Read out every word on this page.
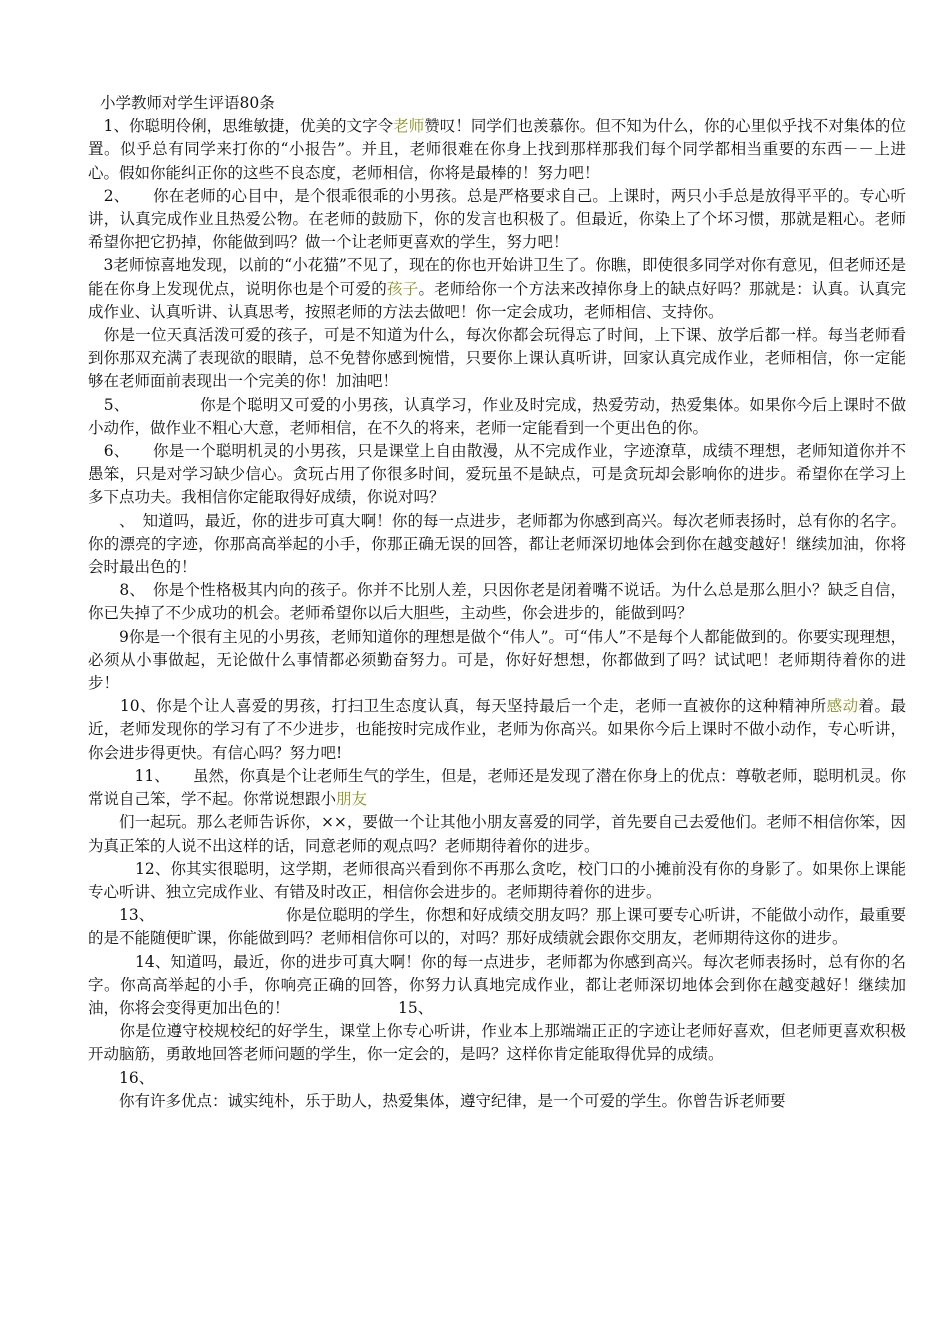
小学教师对学生评语80条

　1、你聪明伶俐，思维敏捷，优美的文字令老师赞叹！同学们也羡慕你。但不知为什么，你的心里似乎找不对集体的位置。似乎总有同学来打你的“小报告”。并且，老师很难在你身上找到那样那我们每个同学都相当重要的东西－－上进心。假如你能纠正你的这些不良态度，老师相信，你将是最棒的！努力吧！

　2、　　你在老师的心目中，是个很乖很乖的小男孩。总是严格要求自己。上课时，两只小手总是放得平平的。专心听讲，认真完成作业且热爱公物。在老师的鼓励下，你的发言也积极了。但最近，你染上了个坏习惯，那就是粗心。老师希望你把它扔掉，你能做到吗？做一个让老师更喜欢的学生，努力吧！

　3老师惊喜地发现，以前的“小花猫”不见了，现在的你也开始讲卫生了。你瞧，即使很多同学对你有意见，但老师还是能在你身上发现优点，说明你也是个可爱的孩子。老师给你一个方法来改掉你身上的缺点好吗？那就是：认真。认真完成作业、认真听讲、认真思考，按照老师的方法去做吧！你一定会成功，老师相信、支持你。

　你是一位天真活泼可爱的孩子，可是不知道为什么，每次你都会玩得忘了时间，上下课、放学后都一样。每当老师看到你那双充满了表现欲的眼睛，总不免替你感到惋惜，只要你上课认真听讲，回家认真完成作业，老师相信，你一定能够在老师面前表现出一个完美的你！加油吧！

　5、　　　　　你是个聪明又可爱的小男孩，认真学习，作业及时完成，热爱劳动，热爱集体。如果你今后上课时不做小动作，做作业不粗心大意，老师相信，在不久的将来，老师一定能看到一个更出色的你。

　6、　　你是一个聪明机灵的小男孩，只是课堂上自由散漫，从不完成作业，字迹潦草，成绩不理想，老师知道你并不愚笨，只是对学习缺少信心。贪玩占用了你很多时间，爱玩虽不是缺点，可是贪玩却会影响你的进步。希望你在学习上多下点功夫。我相信你定能取得好成绩，你说对吗？

　　、　知道吗，最近，你的进步可真大啊！你的每一点进步，老师都为你感到高兴。每次老师表扬时，总有你的名字。你的漂亮的字迹，你那高高举起的小手，你那正确无误的回答，都让老师深切地体会到你在越变越好！继续加油，你将会时最出色的！

　　8、　你是个性格极其内向的孩子。你并不比别人差，只因你老是闭着嘴不说话。为什么总是那么胆小？缺乏自信，你已失掉了不少成功的机会。老师希望你以后大胆些，主动些，你会进步的，能做到吗？

　　9你是一个很有主见的小男孩，老师知道你的理想是做个“伟人”。可“伟人”不是每个人都能做到的。你要实现理想，必须从小事做起，无论做什么事情都必须勤奋努力。可是，你好好想想，你都做到了吗？试试吧！老师期待着你的进步！

　　10、你是个让人喜爱的男孩，打扫卫生态度认真，每天坚持最后一个走，老师一直被你的这种精神所感动着。最近，老师发现你的学习有了不少进步，也能按时完成作业，老师为你高兴。如果你今后上课时不做小动作，专心听讲，你会进步得更快。有信心吗？努力吧!

　　　11、　　虽然，你真是个让老师生气的学生，但是，老师还是发现了潜在你身上的优点：尊敬老师，聪明机灵。你常说自己笨，学不起。你常说想跟小朋友

　　们一起玩。那么老师告诉你，××，要做一个让其他小朋友喜爱的同学，首先要自己去爱他们。老师不相信你笨，因为真正笨的人说不出这样的话，同意老师的观点吗？老师期待着你的进步。

　　　12、你其实很聪明，这学期，老师很高兴看到你不再那么贪吃，校门口的小摊前没有你的身影了。如果你上课能专心听讲、独立完成作业、有错及时改正，相信你会进步的。老师期待着你的进步。

　　13、　　　　　　　　　你是位聪明的学生，你想和好成绩交朋友吗？那上课可要专心听讲，不能做小动作，最重要的是不能随便旷课，你能做到吗？老师相信你可以的，对吗？那好成绩就会跟你交朋友，老师期待这你的进步。

　　　14、知道吗，最近，你的进步可真大啊！你的每一点进步，老师都为你感到高兴。每次老师表扬时，总有你的名字。你高高举起的小手，你响亮正确的回答，你努力认真地完成作业，都让老师深切地体会到你在越变越好！继续加油，你将会变得更加出色的！　　　　　　　15、

　　你是位遵守校规校纪的好学生，课堂上你专心听讲，作业本上那端端正正的字迹让老师好喜欢，但老师更喜欢积极开动脑筋，勇敢地回答老师问题的学生，你一定会的，是吗？这样你肯定能取得优异的成绩。

　　16、

　　你有许多优点：诚实纯朴，乐于助人，热爱集体，遵守纪律，是一个可爱的学生。你曾告诉老师要
